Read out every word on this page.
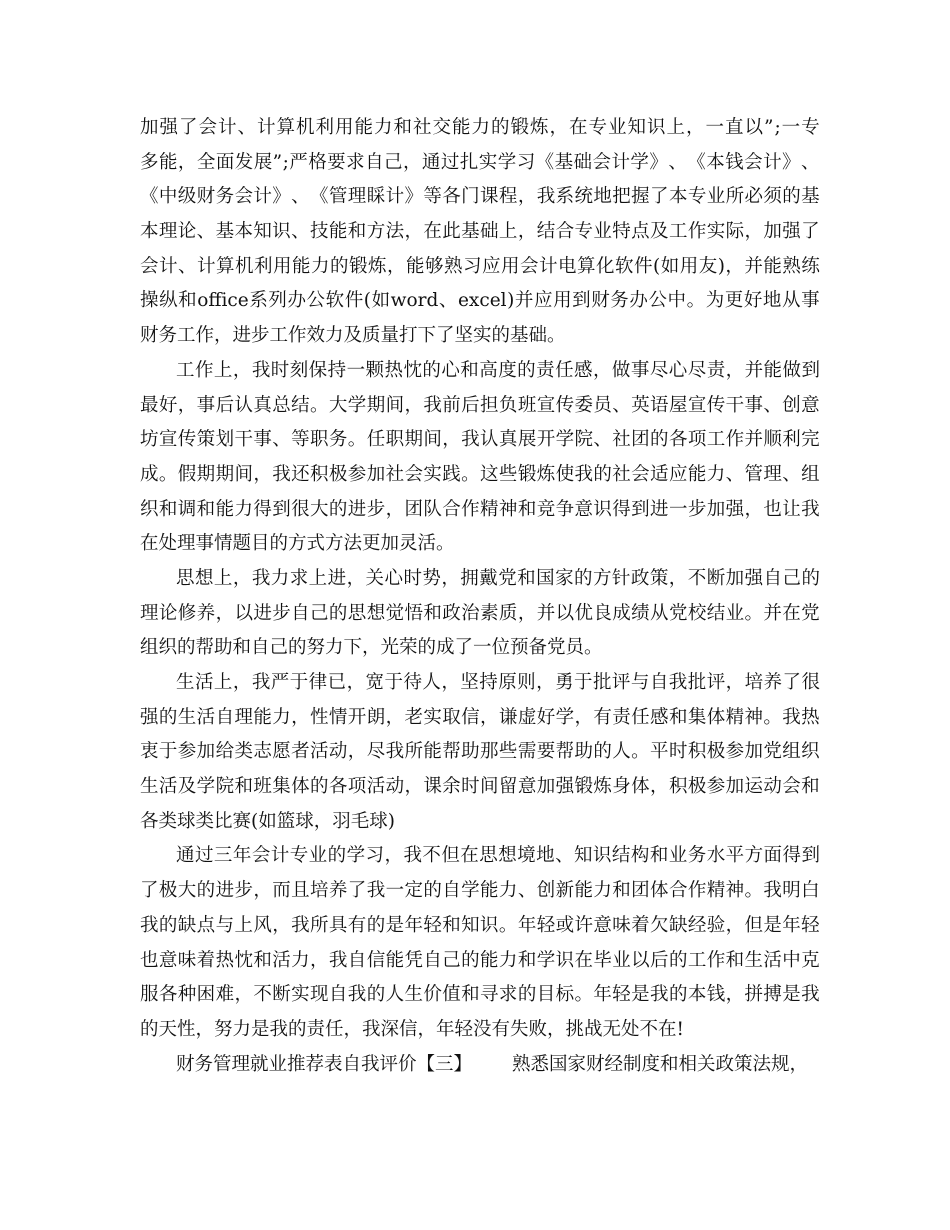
加 强 了 会 计 、 计 算 机 利 用 能 力 和 社 交 能 力 的 锻 炼 ， 在 专 业 知 识 上 ， 一 直 以 ” ; 一 专
多 能 ， 全 面 发 展 ” ; 严 格 要 求 自 己 ， 通 过 扎 实 学 习 《 基 础 会 计 学 》 、 《 本 钱 会 计 》 、
《 中 级 财 务 会 计 》 、 《 管 理 睬 计 》 等 各 门 课 程 ， 我 系 统 地 把 握 了 本 专 业 所 必 须 的 基
本 理 论 、 基 本 知 识 、 技 能 和 方 法 ， 在 此 基 础 上 ， 结 合 专 业 特 点 及 工 作 实 际 ， 加 强 了
会 计 、 计 算 机 利 用 能 力 的 锻 炼 ， 能 够 熟 习 应 用 会 计 电 算 化 软 件 ( 如 用 友 ) ， 并 能 熟 练
操 纵 和 office 系 列 办 公 软 件 ( 如 word 、 excel ) 并 应 用 到 财 务 办 公 中 。 为 更 好 地 从 事
财务工作，进步工作效力及质量打下了坚实的基础。
工 作 上 ， 我 时 刻 保 持 一 颗 热 忱 的 心 和 高 度 的 责 任 感 ， 做 事 尽 心 尽 责 ， 并 能 做 到
最 好 ， 事 后 认 真 总 结 。 大 学 期 间 ， 我 前 后 担 负 班 宣 传 委 员 、 英 语 屋 宣 传 干 事 、 创 意
坊 宣 传 策 划 干 事 、 等 职 务 。 任 职 期 间 ， 我 认 真 展 开 学 院 、 社 团 的 各 项 工 作 并 顺 利 完
成 。 假 期 期 间 ， 我 还 积 极 参 加 社 会 实 践 。 这 些 锻 炼 使 我 的 社 会 适 应 能 力 、 管 理 、 组
织 和 调 和 能 力 得 到 很 大 的 进 步 ， 团 队 合 作 精 神 和 竞 争 意 识 得 到 进 一 步 加 强 ， 也 让 我
在处理事情题目的方式方法更加灵活。
思 想 上 ， 我 力 求 上 进 ， 关 心 时 势 ， 拥 戴 党 和 国 家 的 方 针 政 策 ， 不 断 加 强 自 己 的
理 论 修 养 ， 以 进 步 自 己 的 思 想 觉 悟 和 政 治 素 质 ， 并 以 优 良 成 绩 从 党 校 结 业 。 并 在 党
组织的帮助和自己的努力下，光荣的成了一位预备党员。
生 活 上 ， 我 严 于 律 已 ， 宽 于 待 人 ， 坚 持 原 则 ， 勇 于 批 评 与 自 我 批 评 ， 培 养 了 很
强 的 生 活 自 理 能 力 ， 性 情 开 朗 ， 老 实 取 信 ， 谦 虚 好 学 ， 有 责 任 感 和 集 体 精 神 。 我 热
衷 于 参 加 给 类 志 愿 者 活 动 ， 尽 我 所 能 帮 助 那 些 需 要 帮 助 的 人 。 平 时 积 极 参 加 党 组 织
生 活 及 学 院 和 班 集 体 的 各 项 活 动 ， 课 余 时 间 留 意 加 强 锻 炼 身 体 ， 积 极 参 加 运 动 会 和
各类球类比赛(如篮球，羽毛球)
通 过 三 年 会 计 专 业 的 学 习 ， 我 不 但 在 思 想 境 地 、 知 识 结 构 和 业 务 水 平 方 面 得 到
了 极 大 的 进 步 ， 而 且 培 养 了 我 一 定 的 自 学 能 力 、 创 新 能 力 和 团 体 合 作 精 神 。 我 明 白
我 的 缺 点 与 上 风 ， 我 所 具 有 的 是 年 轻 和 知 识 。 年 轻 或 许 意 味 着 欠 缺 经 验 ， 但 是 年 轻
也 意 味 着 热 忱 和 活 力 ， 我 自 信 能 凭 自 己 的 能 力 和 学 识 在 毕 业 以 后 的 工 作 和 生 活 中 克
服 各 种 困 难 ， 不 断 实 现 自 我 的 人 生 价 值 和 寻 求 的 目 标 。 年 轻 是 我 的 本 钱 ， 拼 搏 是 我
的天性，努力是我的责任，我深信，年轻没有失败，挑战无处不在!
财务管理就业推荐表自我评价【三】 熟悉国家财经制度和相关政策法规，
